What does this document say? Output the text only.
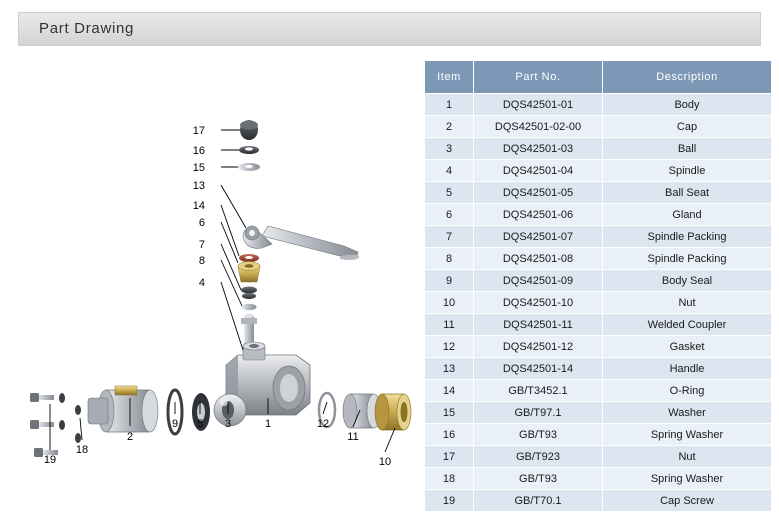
Part Drawing
17
16
15
13
14
6
7
8
4
2
9 5 3	1	12
11
10
19
18
Item	Part No.	Description
1	DQS42501-01	Body
2	DQS42501-02-00	Cap
3	DQS42501-03	Ball
4	DQS42501-04	Spindle
5	DQS42501-05	Ball Seat
6	DQS42501-06	Gland
7	DQS42501-07	Spindle Packing
8	DQS42501-08	Spindle Packing
9	DQS42501-09	Body Seal
10	DQS42501-10	Nut
11	DQS42501-11	Welded Coupler
12	DQS42501-12	Gasket
13	DQS42501-14	Handle
14	GB/T3452.1	O-Ring
15	GB/T97.1	Washer
16	GB/T93	Spring Washer
17	GB/T923	Nut
18	GB/T93	Spring Washer
19	GB/T70.1	Cap Screw
